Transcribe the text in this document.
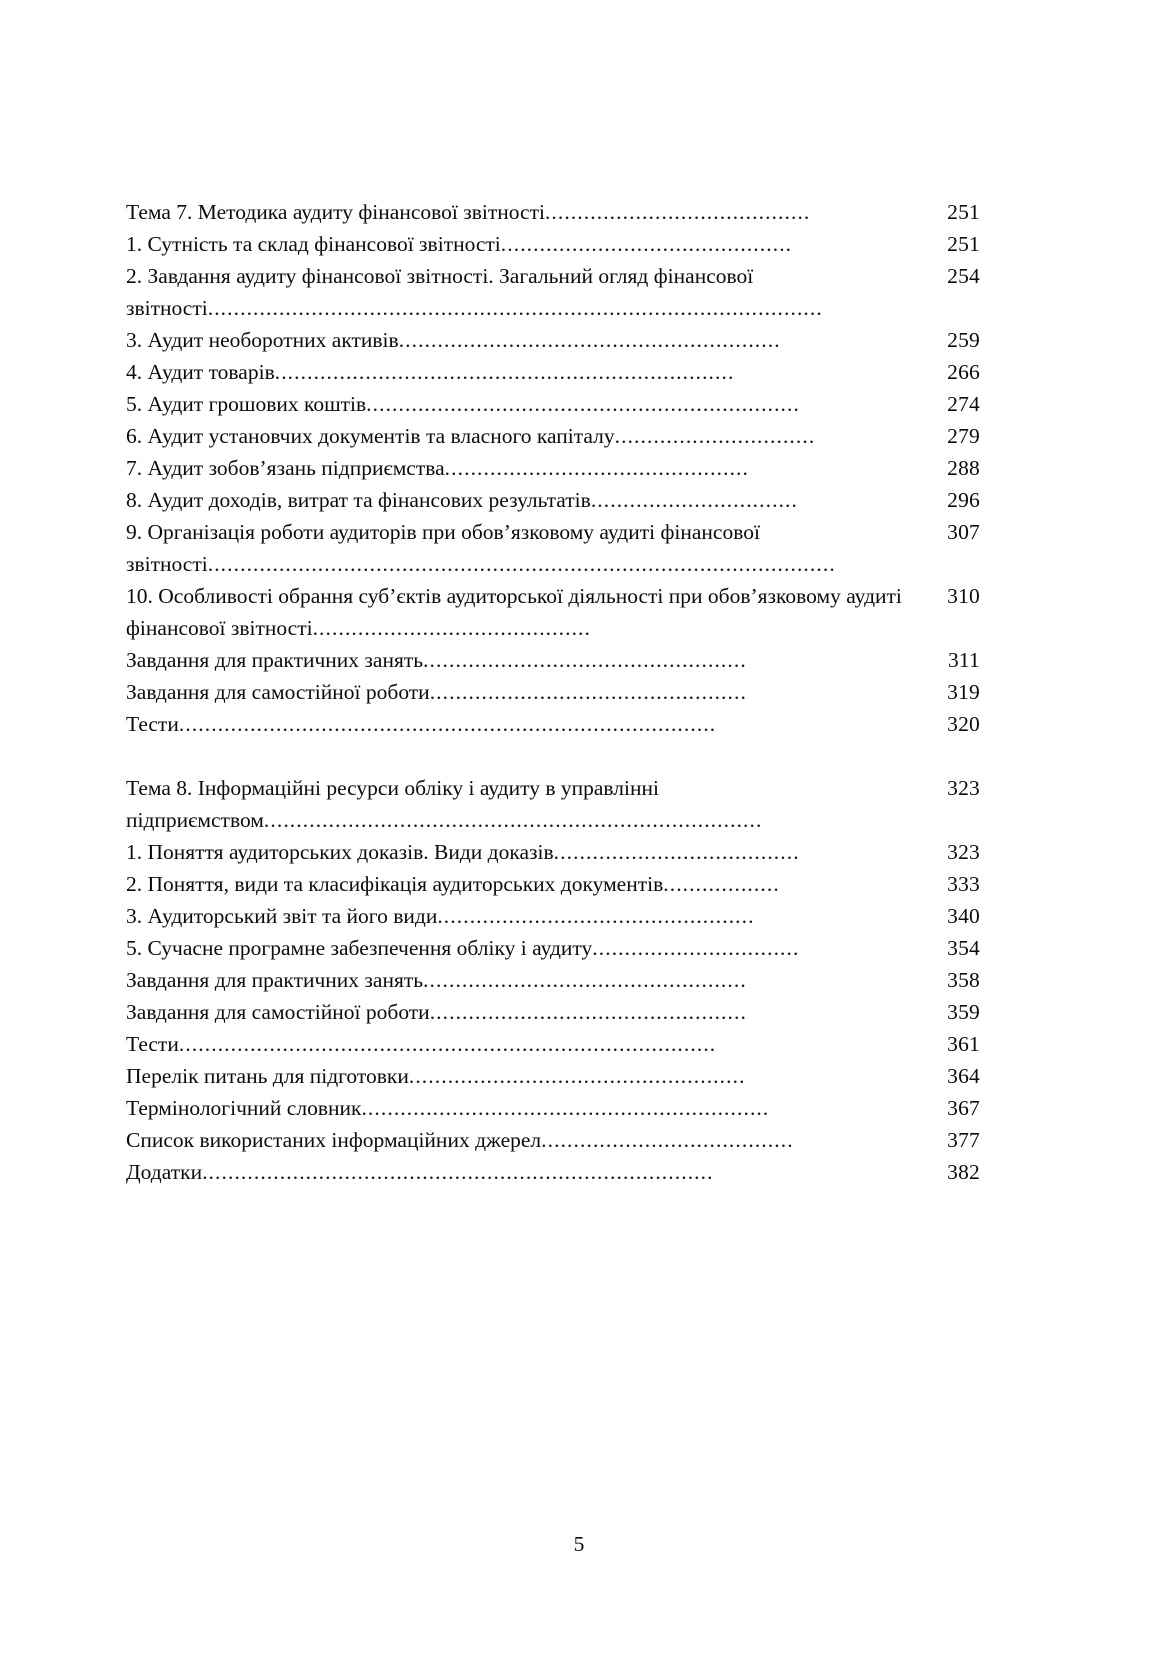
251
Тема 7. Методика аудиту фінансової звітності.........................................
251
1. Сутність та склад фінансової звітності.............................................
254
2. Завдання аудиту фінансової звітності. Загальний огляд фінансової звітності...............................................................................................
259
3. Аудит необоротних активів...........................................................
266
4. Аудит товарів.......................................................................
274
5. Аудит грошових коштів...................................................................
279
6. Аудит установчих документів та власного капіталу...............................
288
7. Аудит зобов’язань підприємства...............................................
296
8. Аудит доходів, витрат та фінансових результатів................................
307
9. Організація роботи аудиторів при обов’язковому аудиті фінансової звітності.................................................................................................
310
10. Особливості обрання суб’єктів аудиторської діяльності при обов’язковому аудиті фінансової звітності...........................................
311
Завдання для практичних занять..................................................
319
Завдання для самостійної роботи.................................................
320
Тести...................................................................................
323
Тема 8. Інформаційні ресурси обліку і аудиту в управлінні підприємством.............................................................................
323
1. Поняття аудиторських доказів. Види доказів......................................
333
2. Поняття, види та класифікація аудиторських документів..................
340
3. Аудиторський звіт та його види.................................................
354
5. Сучасне програмне забезпечення обліку і аудиту................................
358
Завдання для практичних занять..................................................
359
Завдання для самостійної роботи.................................................
361
Тести...................................................................................
364
Перелік питань для підготовки....................................................
367
Термінологічний словник...............................................................
377
Список використаних інформаційних джерел.......................................
382
Додатки...............................................................................
5
